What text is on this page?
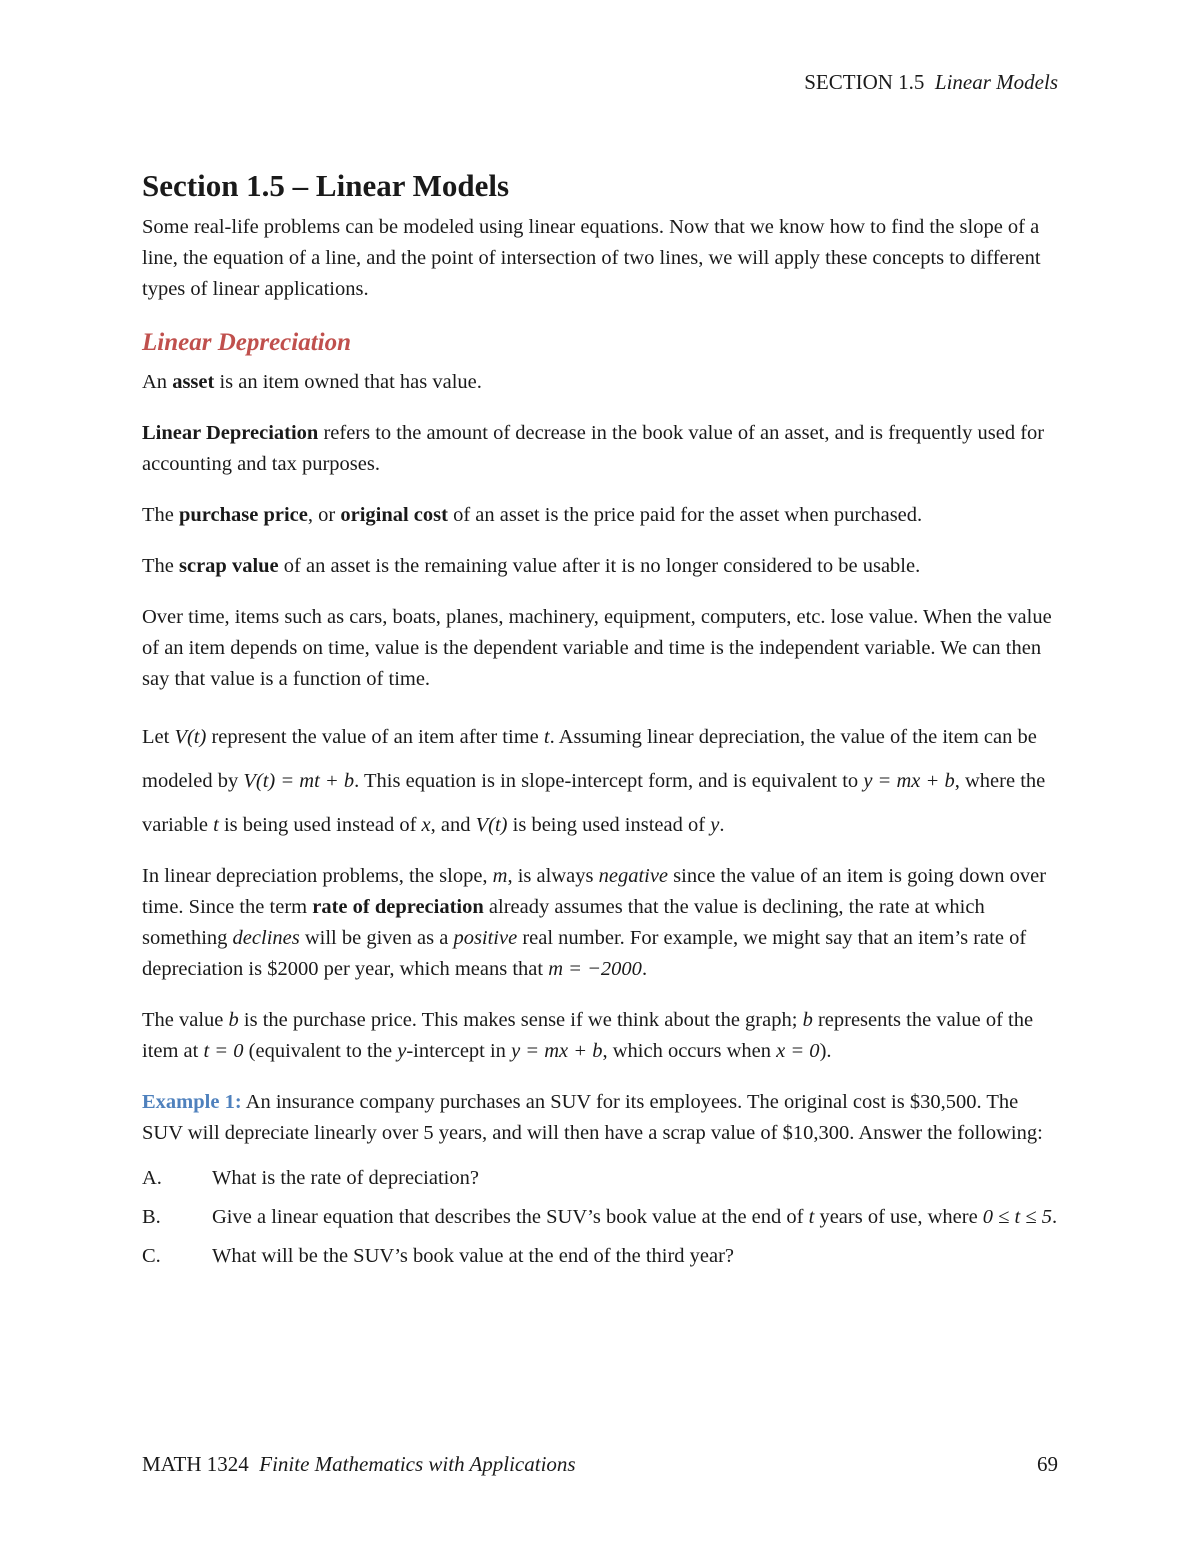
SECTION 1.5 Linear Models
Section 1.5 – Linear Models

Some real-life problems can be modeled using linear equations. Now that we know how to find the slope of a line, the equation of a line, and the point of intersection of two lines, we will apply these concepts to different types of linear applications.

Linear Depreciation

An asset is an item owned that has value.

Linear Depreciation refers to the amount of decrease in the book value of an asset, and is frequently used for accounting and tax purposes.

The purchase price, or original cost of an asset is the price paid for the asset when purchased.

The scrap value of an asset is the remaining value after it is no longer considered to be usable.

Over time, items such as cars, boats, planes, machinery, equipment, computers, etc. lose value. When the value of an item depends on time, value is the dependent variable and time is the independent variable. We can then say that value is a function of time.

Let V(t) represent the value of an item after time t. Assuming linear depreciation, the value of the item can be modeled by V(t) = mt + b. This equation is in slope-intercept form, and is equivalent to y = mx + b, where the variable t is being used instead of x, and V(t) is being used instead of y.

In linear depreciation problems, the slope, m, is always negative since the value of an item is going down over time. Since the term rate of depreciation already assumes that the value is declining, the rate at which something declines will be given as a positive real number. For example, we might say that an item’s rate of depreciation is $2000 per year, which means that m = −2000.

The value b is the purchase price. This makes sense if we think about the graph; b represents the value of the item at t = 0 (equivalent to the y-intercept in y = mx + b, which occurs when x = 0).

Example 1: An insurance company purchases an SUV for its employees. The original cost is $30,500. The SUV will depreciate linearly over 5 years, and will then have a scrap value of $10,300. Answer the following:

A.	What is the rate of depreciation?
B.	Give a linear equation that describes the SUV’s book value at the end of t years of use, where 0 ≤ t ≤ 5.
C.	What will be the SUV’s book value at the end of the third year?
MATH 1324 Finite Mathematics with Applications	69
